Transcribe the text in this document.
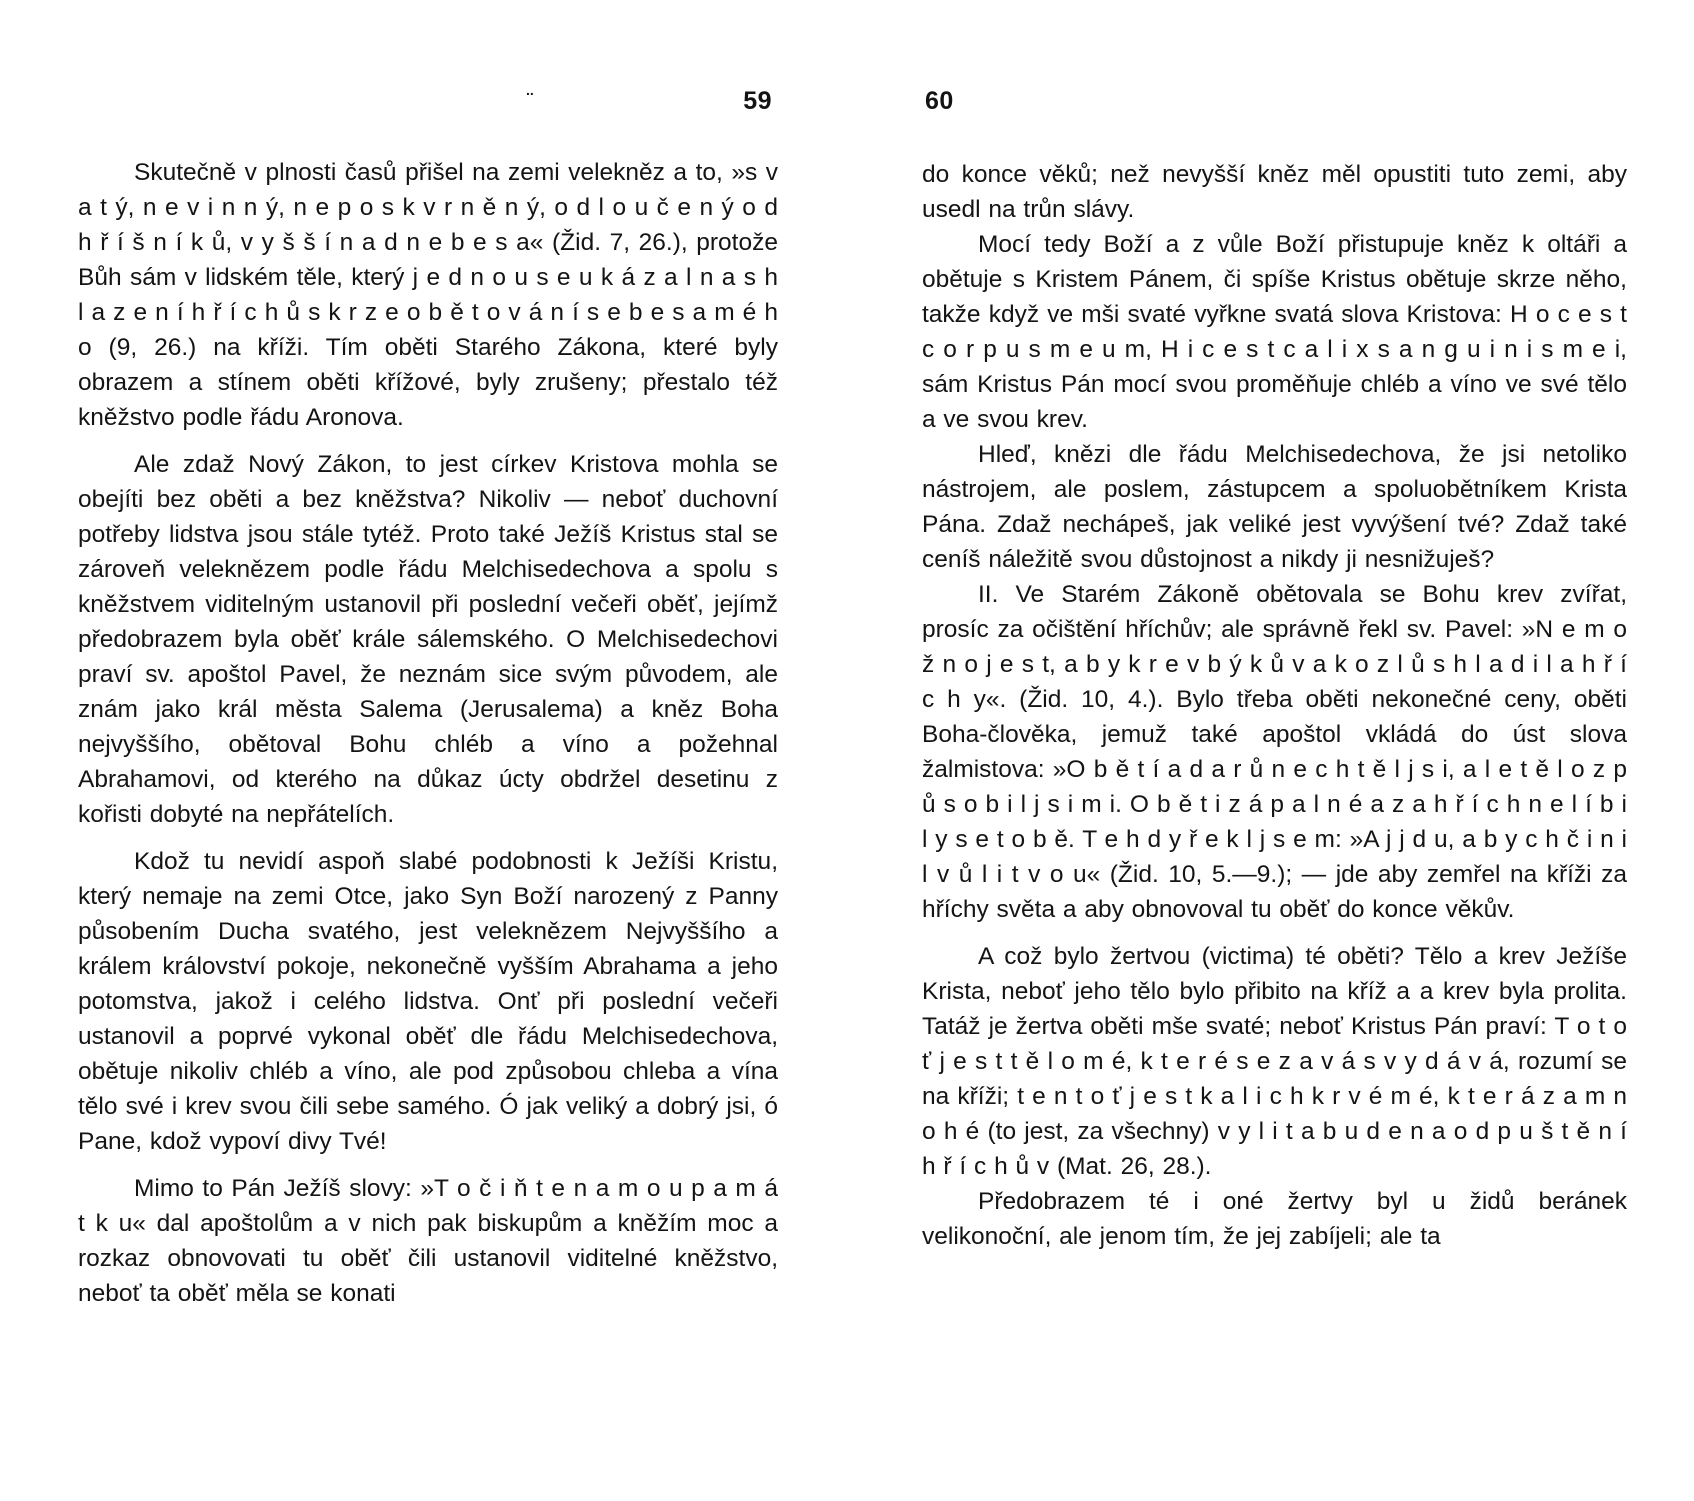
..	59

Skutečně v plnosti časů přišel na zemi velekněz a to, »s v a t ý, n e v i n n ý, n e p o s k v r n ě n ý, o d l o u č e n ý o d h ř í š n í k ů, v y š š í n a d n e b e s a« (Žid. 7, 26.), protože Bůh sám v lidském těle, který j e d n o u s e u k á z a l n a s h l a z e n í h ř í c h ů s k r z e o b ě t o v á n í s e b e s a m é h o (9, 26.) na kříži. Tím oběti Starého Zákona, které byly obrazem a stínem oběti křížové, byly zrušeny; přestalo též kněžstvo podle řádu Aronova.

Ale zdaž Nový Zákon, to jest církev Kristova mohla se obejíti bez oběti a bez kněžstva? Nikoliv — neboť duchovní potřeby lidstva jsou stále tytéž. Proto také Ježíš Kristus stal se zároveň veleknězem podle řádu Melchisedechova a spolu s kněžstvem viditelným ustanovil při poslední večeři oběť, jejímž předobrazem byla oběť krále sálemského. O Melchisedechovi praví sv. apoštol Pavel, že neznám sice svým původem, ale znám jako král města Salema (Jerusalema) a kněz Boha nejvyššího, obětoval Bohu chléb a víno a požehnal Abrahamovi, od kterého na důkaz úcty obdržel desetinu z kořisti dobyté na nepřátelích.

Kdož tu nevidí aspoň slabé podobnosti k Ježíši Kristu, který nemaje na zemi Otce, jako Syn Boží narozený z Panny působením Ducha svatého, jest veleknězem Nejvyššího a králem království pokoje, nekonečně vyšším Abrahama a jeho potomstva, jakož i celého lidstva. Onť při poslední večeři ustanovil a poprvé vykonal oběť dle řádu Melchisedechova, obětuje nikoliv chléb a víno, ale pod způsobou chleba a vína tělo své i krev svou čili sebe samého. Ó jak veliký a dobrý jsi, ó Pane, kdož vypoví divy Tvé!

Mimo to Pán Ježíš slovy: »T o č i ň t e n a m o u p a m á t k u« dal apoštolům a v nich pak biskupům a kněžím moc a rozkaz obnovovati tu oběť čili ustanovil viditelné kněžstvo, neboť ta oběť měla se konati

60

do konce věků; než nevyšší kněz měl opustiti tuto zemi, aby usedl na trůn slávy.

Mocí tedy Boží a z vůle Boží přistupuje kněz k oltáři a obětuje s Kristem Pánem, či spíše Kristus obětuje skrze něho, takže když ve mši svaté vyřkne svatá slova Kristova: H o c e s t c o r p u s m e u m, H i c e s t c a l i x s a n g u i n i s m e i, sám Kristus Pán mocí svou proměňuje chléb a víno ve své tělo a ve svou krev.

Hleď, knězi dle řádu Melchisedechova, že jsi netoliko nástrojem, ale poslem, zástupcem a spoluobětníkem Krista Pána. Zdaž nechápeš, jak veliké jest vyvýšení tvé? Zdaž také ceníš náležitě svou důstojnost a nikdy ji nesnižuješ?

II. Ve Starém Zákoně obětovala se Bohu krev zvířat, prosíc za očištění hříchův; ale správně řekl sv. Pavel: »N e m o ž n o j e s t, a b y k r e v b ý k ů v a k o z l ů s h l a d i l a h ř í c h y«. (Žid. 10, 4.). Bylo třeba oběti nekonečné ceny, oběti Boha-člověka, jemuž také apoštol vkládá do úst slova žalmistova: »O b ě t í a d a r ů n e c h t ě l j s i, a l e t ě l o z p ů s o b i l j s i m i. O b ě t i z á p a l n é a z a h ř í c h n e l í b i l y s e t o b ě. T e h d y ř e k l j s e m: »A j j d u, a b y c h č i n i l v ů l i t v o u« (Žid. 10, 5.—9.); — jde aby zemřel na kříži za hříchy světa a aby obnovoval tu oběť do konce věkův.

A což bylo žertvou (victima) té oběti? Tělo a krev Ježíše Krista, neboť jeho tělo bylo přibito na kříž a a krev byla prolita. Tatáž je žertva oběti mše svaté; neboť Kristus Pán praví: T o t o ť j e s t t ě l o m é, k t e r é s e z a v á s v y d á v á, rozumí se na kříži; t e n t o ť j e s t k a l i c h k r v é m é, k t e r á z a m n o h é (to jest, za všechny) v y l i t a b u d e n a o d p u š t ě n í h ř í c h ů v (Mat. 26, 28.).

Předobrazem té i oné žertvy byl u židů beránek velikonoční, ale jenom tím, že jej zabíjeli; ale ta
